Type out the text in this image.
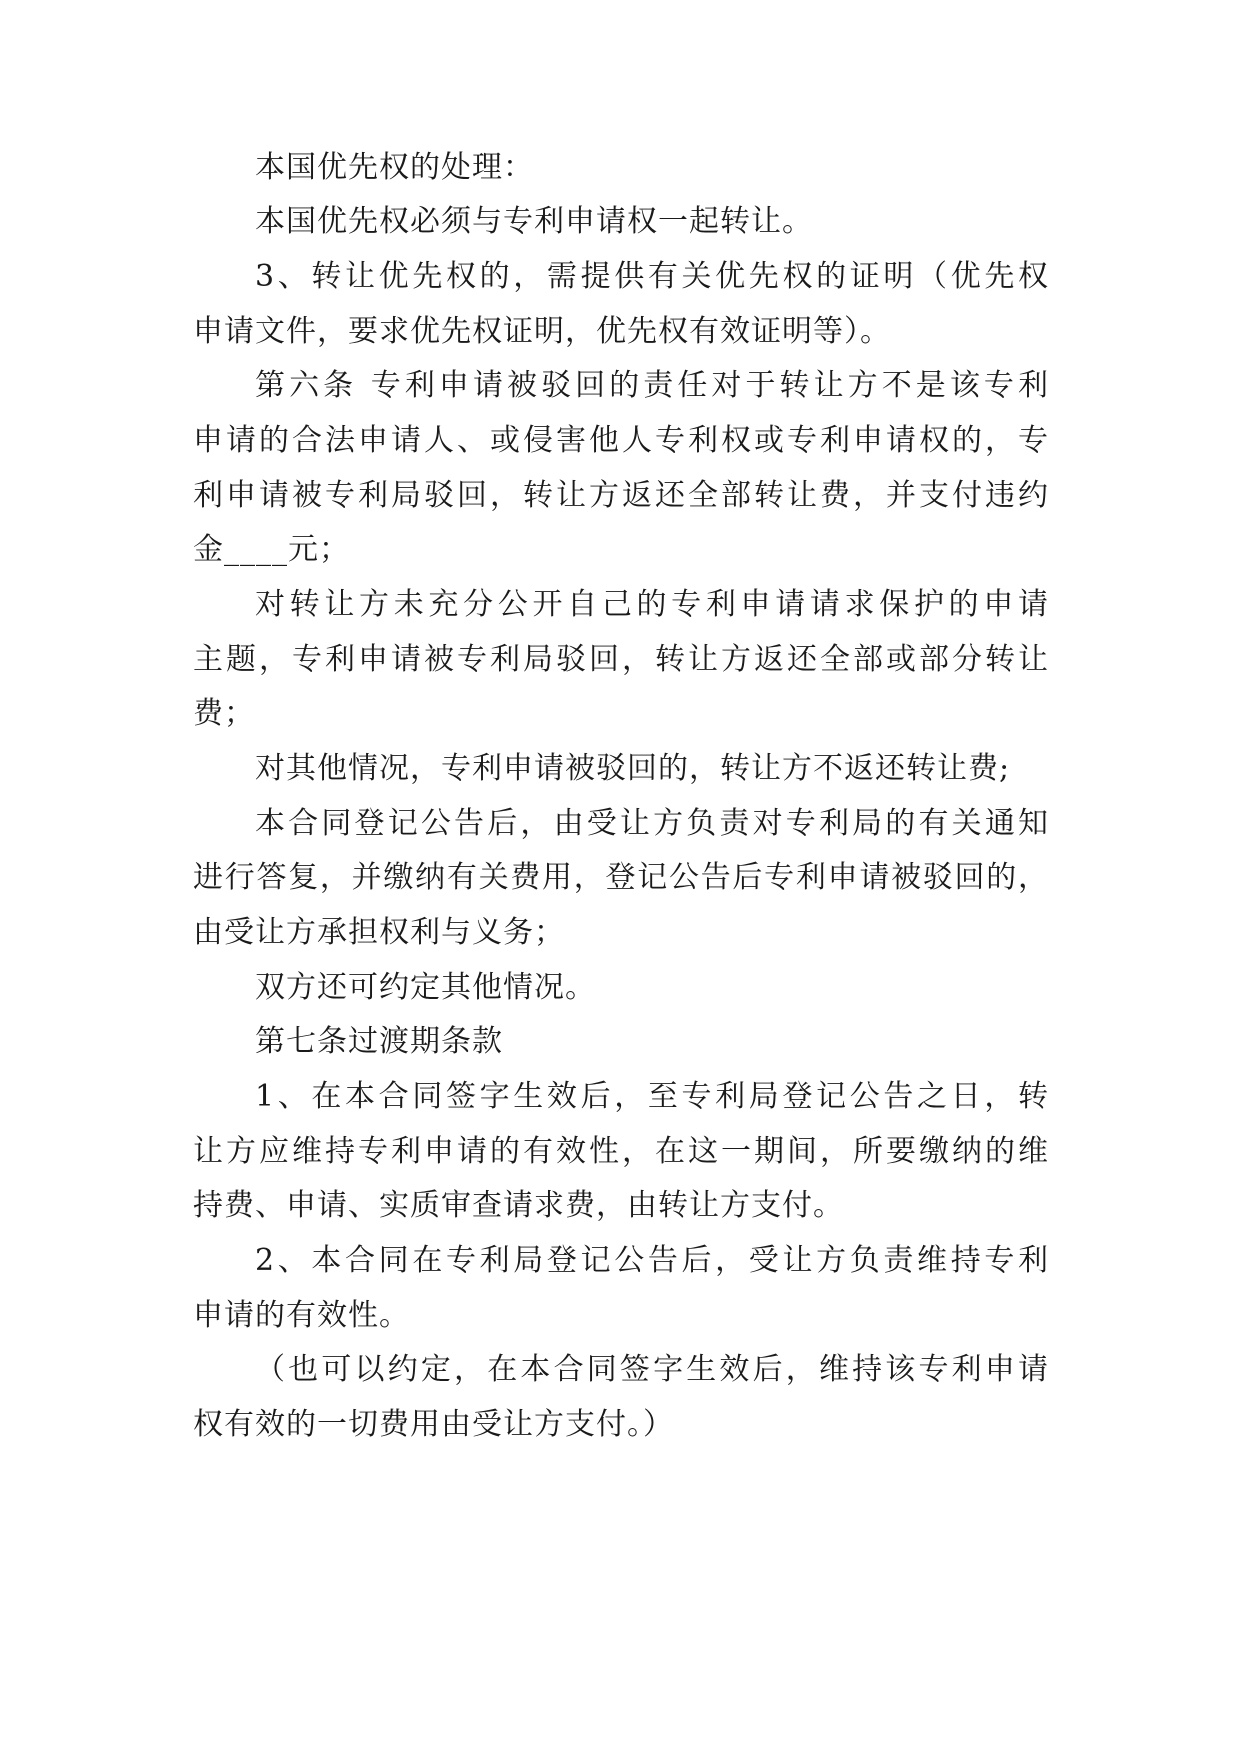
本国优先权的处理：
本国优先权必须与专利申请权一起转让。
3、转让优先权的，需提供有关优先权的证明（优先权
申请文件，要求优先权证明，优先权有效证明等）。
第六条 专利申请被驳回的责任对于转让方不是该专利
申请的合法申请人、或侵害他人专利权或专利申请权的，专
利申请被专利局驳回，转让方返还全部转让费，并支付违约
金____元；
对转让方未充分公开自己的专利申请请求保护的申请
主题，专利申请被专利局驳回，转让方返还全部或部分转让
费；
对其他情况，专利申请被驳回的，转让方不返还转让费;
本合同登记公告后，由受让方负责对专利局的有关通知
进行答复，并缴纳有关费用，登记公告后专利申请被驳回的，
由受让方承担权利与义务；
双方还可约定其他情况。
第七条过渡期条款
1、在本合同签字生效后，至专利局登记公告之日，转
让方应维持专利申请的有效性，在这一期间，所要缴纳的维
持费、申请、实质审查请求费，由转让方支付。
2、本合同在专利局登记公告后，受让方负责维持专利
申请的有效性。
（也可以约定，在本合同签字生效后，维持该专利申请
权有效的一切费用由受让方支付。）
